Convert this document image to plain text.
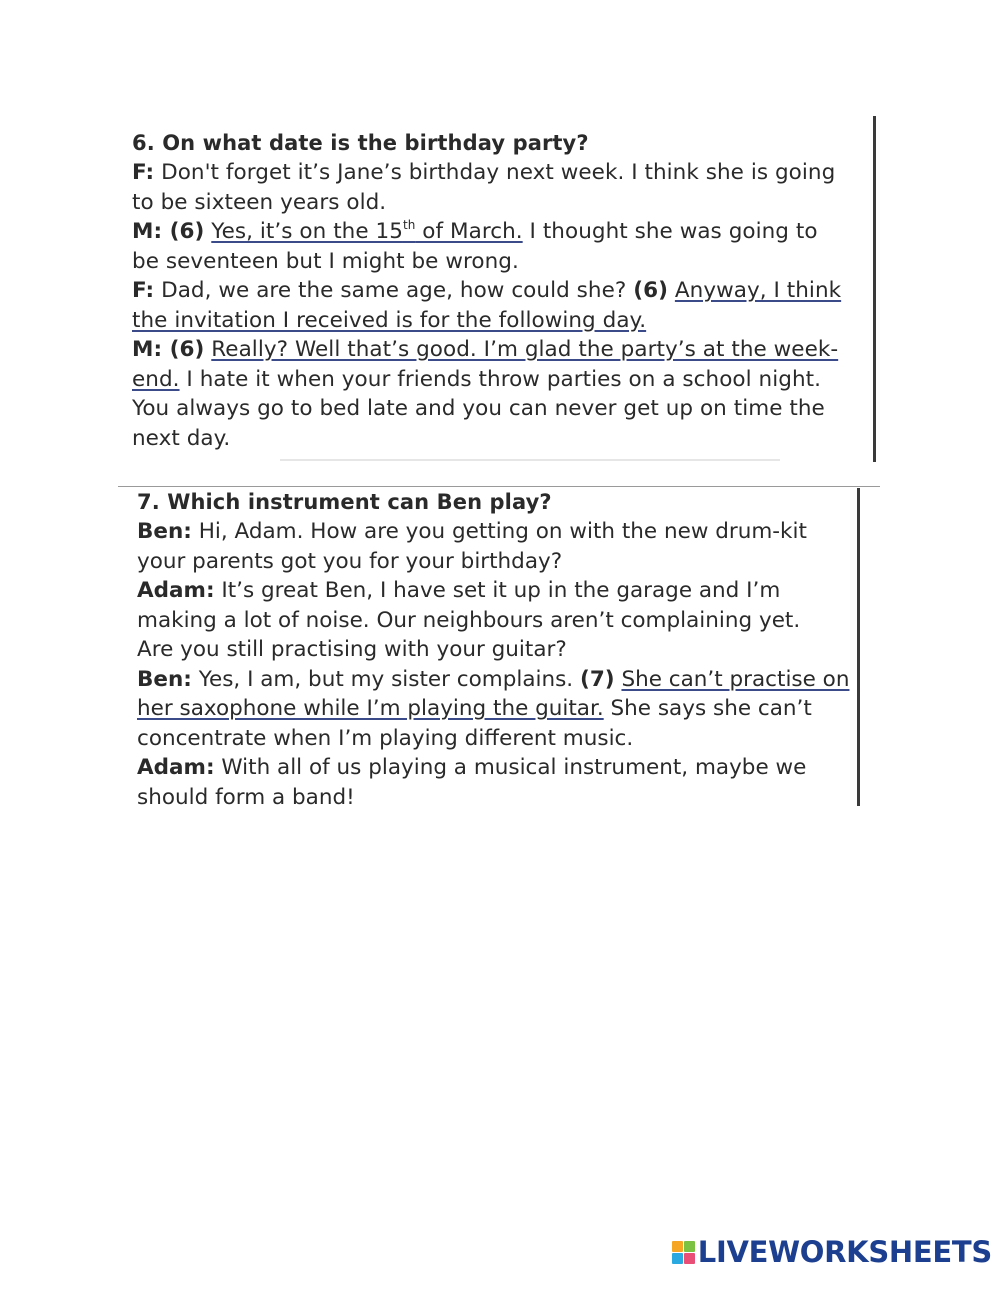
6. On what date is the birthday party?

F: Don't forget it’s Jane’s birthday next week. I think she is going

to be sixteen years old.

M: (6) Yes, it’s on the 15th of March. I thought she was going to

be seventeen but I might be wrong.

F: Dad, we are the same age, how could she? (6) Anyway, I think

the invitation I received is for the following day.

M: (6) Really? Well that’s good. I’m glad the party’s at the week-

end. I hate it when your friends throw parties on a school night.

You always go to bed late and you can never get up on time the

next day.

7. Which instrument can Ben play?

Ben: Hi, Adam. How are you getting on with the new drum-kit

your parents got you for your birthday?

Adam: It’s great Ben, I have set it up in the garage and I’m

making a lot of noise. Our neighbours aren’t complaining yet.

Are you still practising with your guitar?

Ben: Yes, I am, but my sister complains. (7) She can’t practise on

her saxophone while I’m playing the guitar. She says she can’t

concentrate when I’m playing different music.

Adam: With all of us playing a musical instrument, maybe we

should form a band!

LIVEWORKSHEETS
